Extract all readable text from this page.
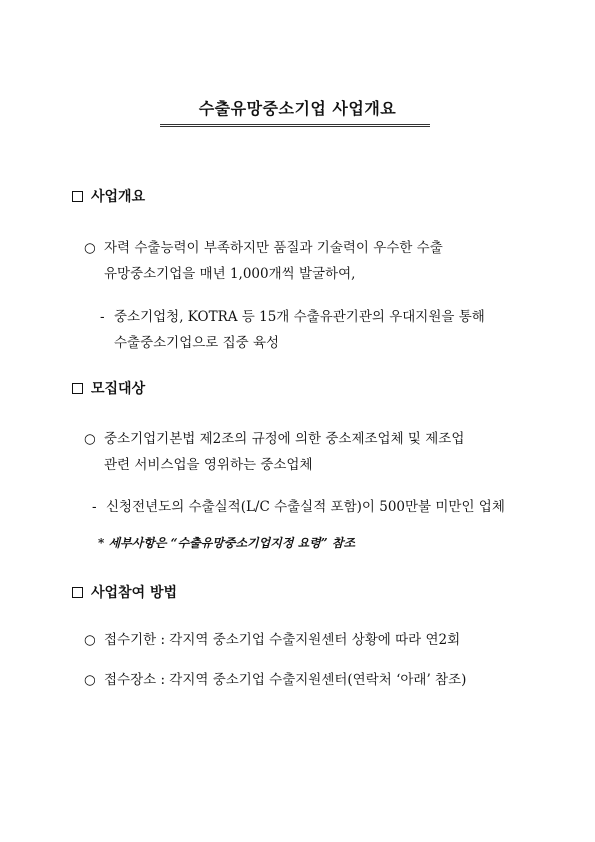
수출유망중소기업 사업개요
사업개요
○ 자력 수출능력이 부족하지만 품질과 기술력이 우수한 수출
유망중소기업을 매년 1,000개씩 발굴하여,
- 중소기업청, KOTRA 등 15개 수출유관기관의 우대지원을 통해
수출중소기업으로 집중 육성
모집대상
○ 중소기업기본법 제2조의 규정에 의한 중소제조업체 및 제조업
관련 서비스업을 영위하는 중소업체
- 신청전년도의 수출실적(L/C 수출실적 포함)이 500만불 미만인 업체
* 세부사항은 “수출유망중소기업지정 요령” 참조
사업참여 방법
○ 접수기한 : 각지역 중소기업 수출지원센터 상황에 따라 연2회
○ 접수장소 : 각지역 중소기업 수출지원센터(연락처 ‘아래’ 참조)
